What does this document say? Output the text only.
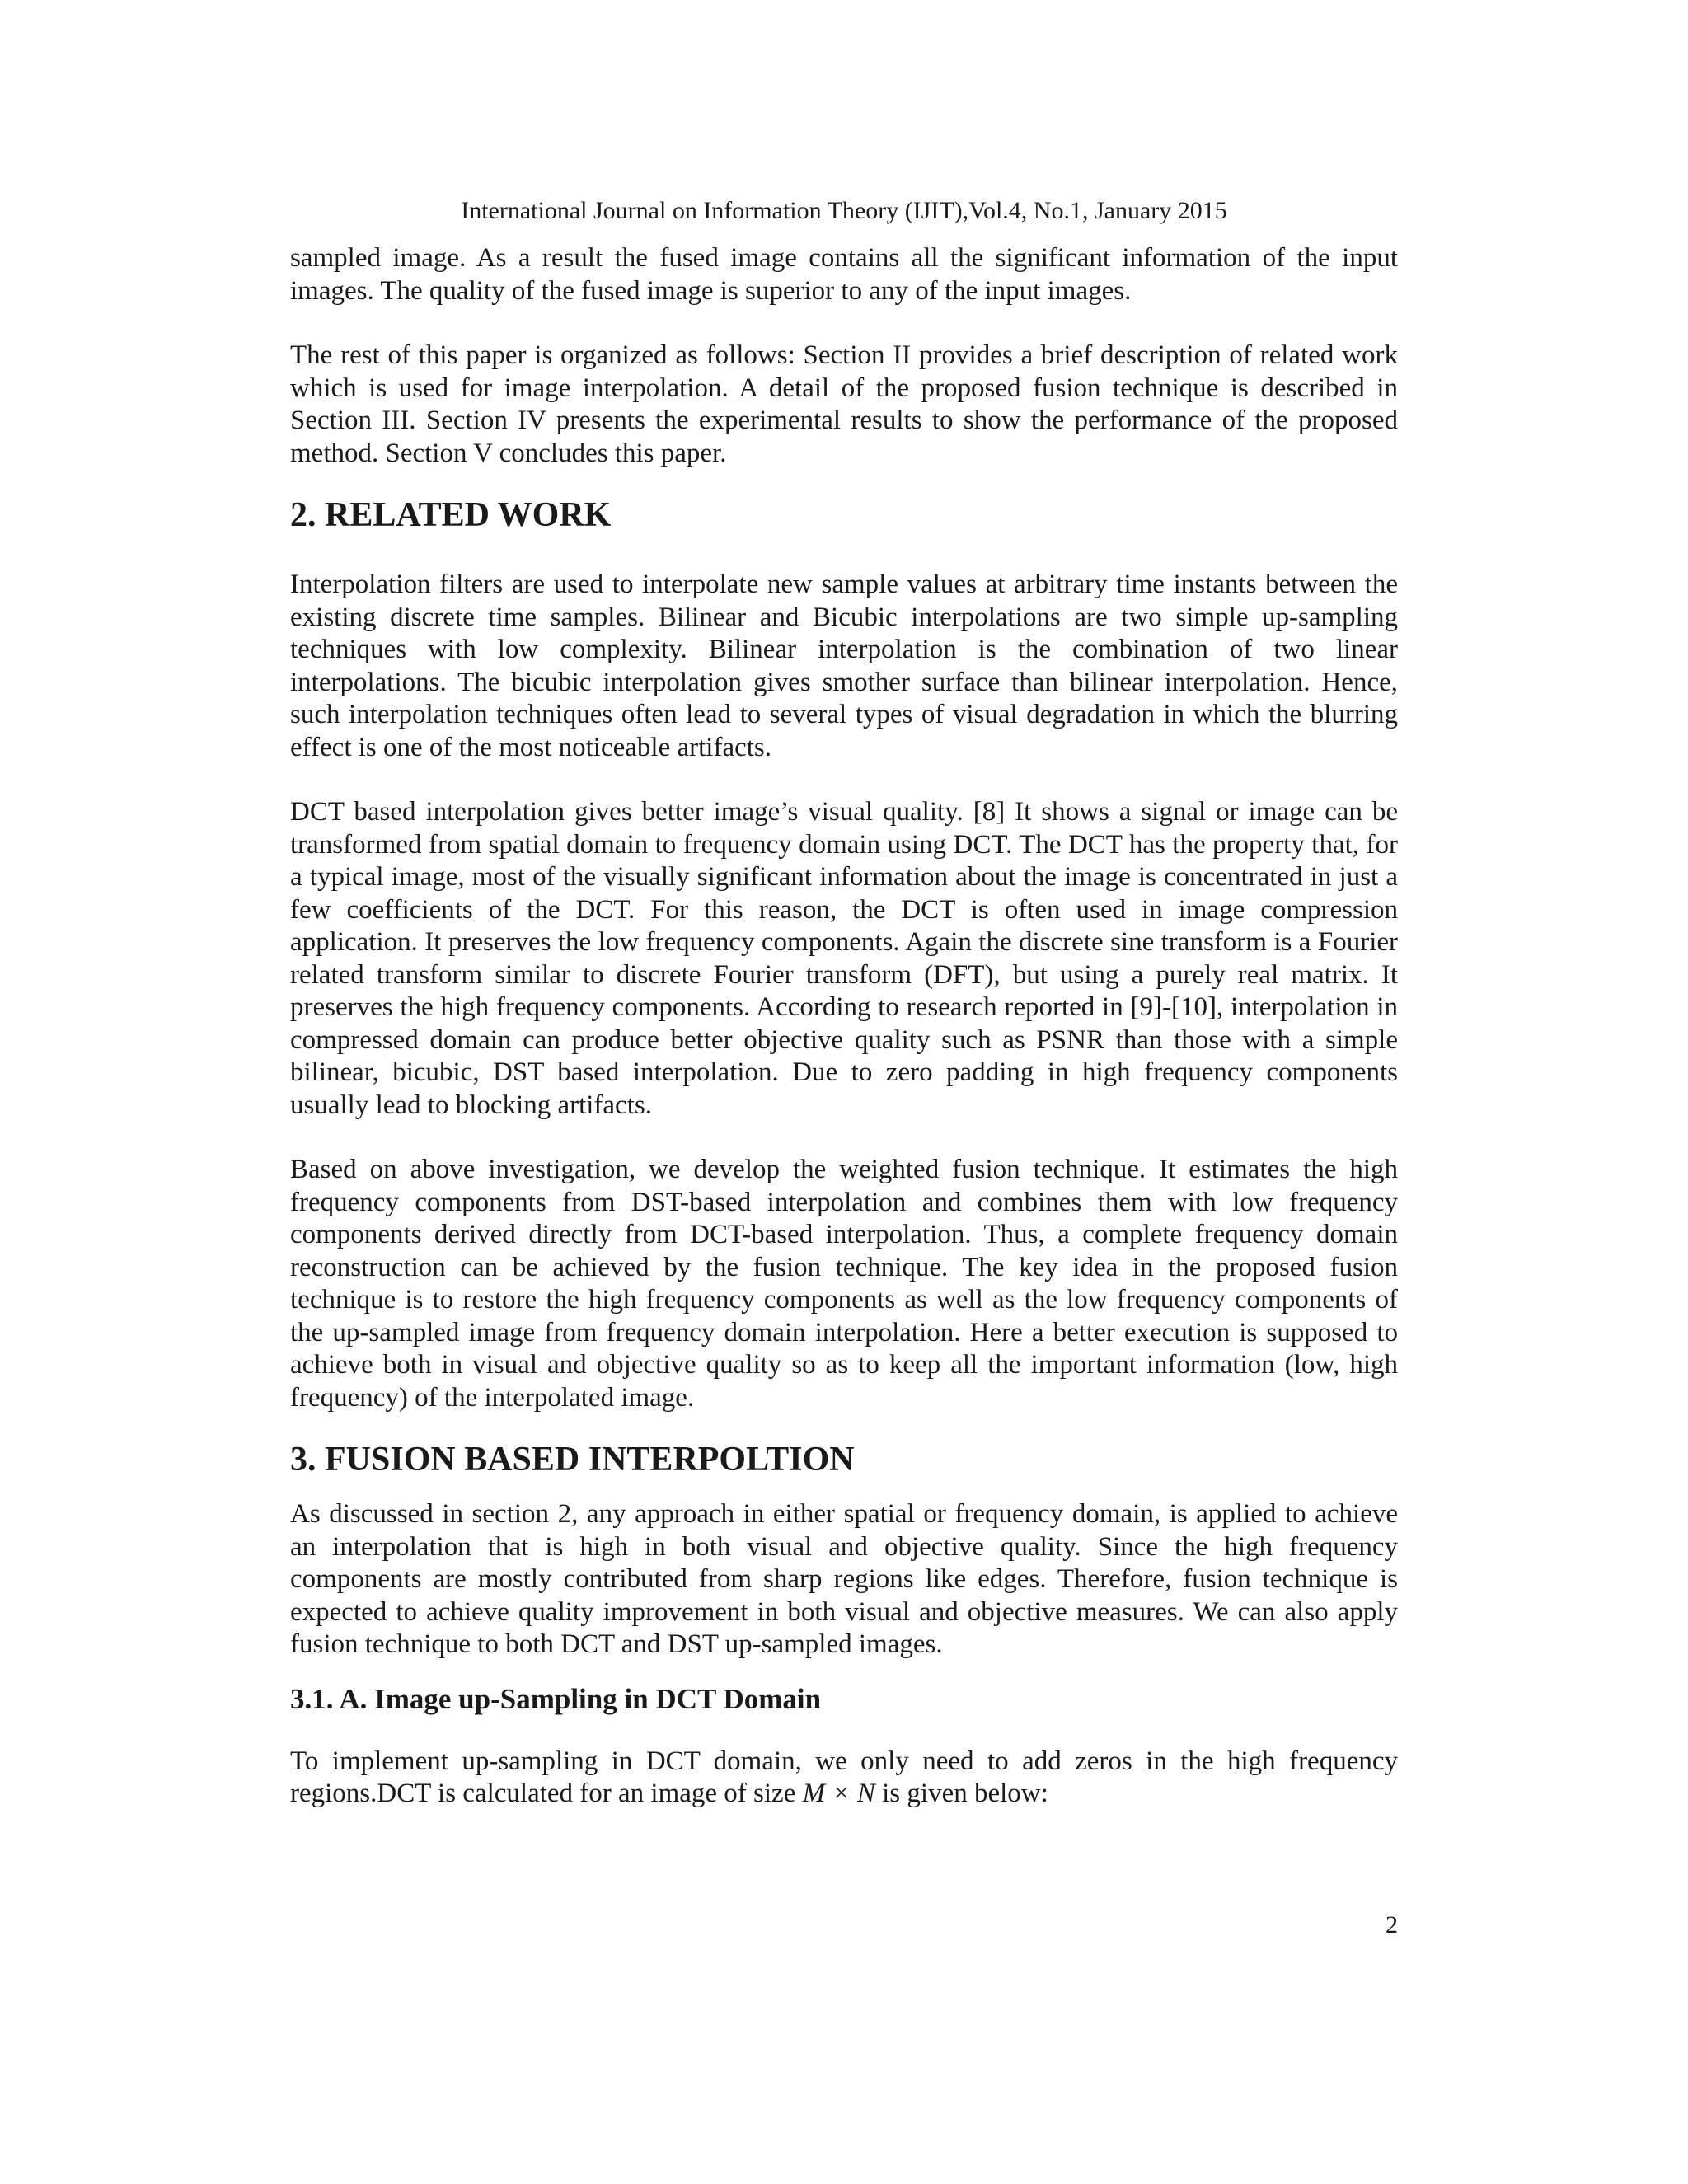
International Journal on Information Theory (IJIT),Vol.4, No.1, January 2015

sampled image. As a result the fused image contains all the significant information of the input images. The quality of the fused image is superior to any of the input images.

The rest of this paper is organized as follows: Section II provides a brief description of related work which is used for image interpolation. A detail of the proposed fusion technique is described in Section III. Section IV presents the experimental results to show the performance of the proposed method. Section V concludes this paper.

2. RELATED WORK

Interpolation filters are used to interpolate new sample values at arbitrary time instants between the existing discrete time samples. Bilinear and Bicubic interpolations are two simple up-sampling techniques with low complexity. Bilinear interpolation is the combination of two linear interpolations. The bicubic interpolation gives smother surface than bilinear interpolation. Hence, such interpolation techniques often lead to several types of visual degradation in which the blurring effect is one of the most noticeable artifacts.

DCT based interpolation gives better image’s visual quality. [8] It shows a signal or image can be transformed from spatial domain to frequency domain using DCT. The DCT has the property that, for a typical image, most of the visually significant information about the image is concentrated in just a few coefficients of the DCT. For this reason, the DCT is often used in image compression application. It preserves the low frequency components. Again the discrete sine transform is a Fourier related transform similar to discrete Fourier transform (DFT), but using a purely real matrix. It preserves the high frequency components. According to research reported in [9]-[10], interpolation in compressed domain can produce better objective quality such as PSNR than those with a simple bilinear, bicubic, DST based interpolation. Due to zero padding in high frequency components usually lead to blocking artifacts.

Based on above investigation, we develop the weighted fusion technique. It estimates the high frequency components from DST-based interpolation and combines them with low frequency components derived directly from DCT-based interpolation. Thus, a complete frequency domain reconstruction can be achieved by the fusion technique. The key idea in the proposed fusion technique is to restore the high frequency components as well as the low frequency components of the up-sampled image from frequency domain interpolation. Here a better execution is supposed to achieve both in visual and objective quality so as to keep all the important information (low, high frequency) of the interpolated image.

3. FUSION BASED INTERPOLTION

As discussed in section 2, any approach in either spatial or frequency domain, is applied to achieve an interpolation that is high in both visual and objective quality. Since the high frequency components are mostly contributed from sharp regions like edges. Therefore, fusion technique is expected to achieve quality improvement in both visual and objective measures. We can also apply fusion technique to both DCT and DST up-sampled images.

3.1. A. Image up-Sampling in DCT Domain

To implement up-sampling in DCT domain, we only need to add zeros in the high frequency regions.DCT is calculated for an image of size M × N is given below:

2
